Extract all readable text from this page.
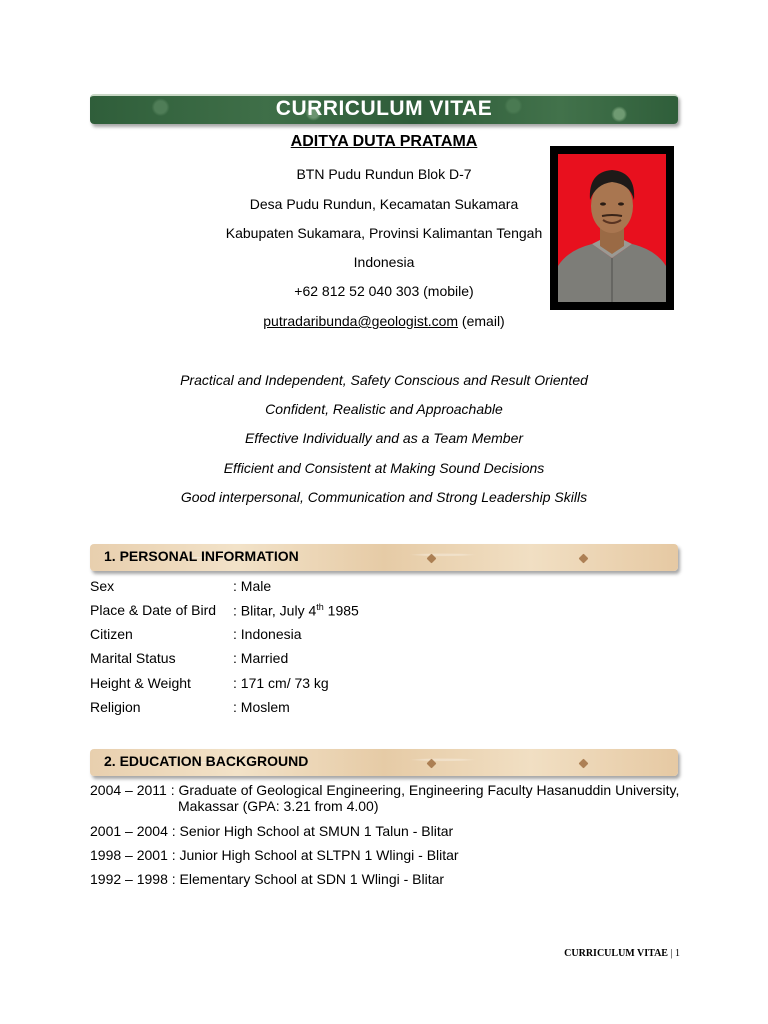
CURRICULUM VITAE
ADITYA DUTA PRATAMA
BTN Pudu Rundun Blok D-7
Desa Pudu Rundun, Kecamatan Sukamara
Kabupaten Sukamara, Provinsi Kalimantan Tengah
Indonesia
+62 812 52 040 303 (mobile)
putradaribunda@geologist.com (email)
Practical and Independent, Safety Conscious and Result Oriented
Confident, Realistic and Approachable
Effective Individually and as a Team Member
Efficient and Consistent at Making Sound Decisions
Good interpersonal, Communication and Strong Leadership Skills
1. PERSONAL INFORMATION
Sex	: Male
Place & Date of Bird : Blitar, July 4th 1985
Citizen	: Indonesia
Marital Status	: Married
Height & Weight	: 171 cm/ 73 kg
Religion	: Moslem
2. EDUCATION BACKGROUND
2004 – 2011 : Graduate of Geological Engineering, Engineering Faculty Hasanuddin University,
Makassar (GPA: 3.21 from 4.00)
2001 – 2004 : Senior High School at SMUN 1 Talun - Blitar
1998 – 2001 : Junior High School at SLTPN 1 Wlingi - Blitar
1992 – 1998 : Elementary School at SDN 1 Wlingi - Blitar
CURRICULUM VITAE | 1
